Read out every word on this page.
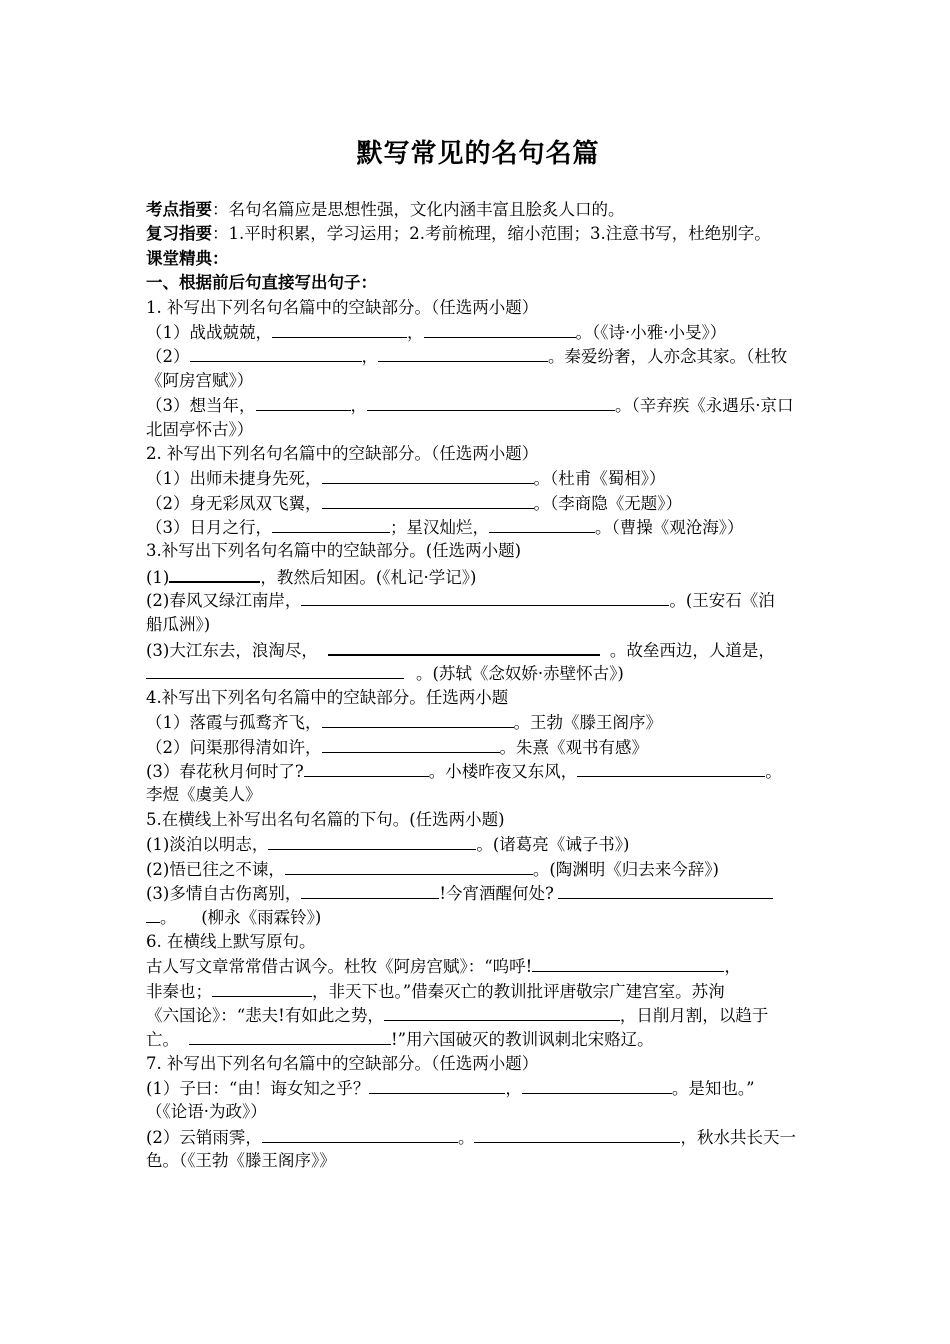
默写常见的名句名篇
考点指要：名句名篇应是思想性强，文化内涵丰富且脍炙人口的。
复习指要：1.平时积累，学习运用；2.考前梳理，缩小范围；3.注意书写，杜绝别字。
课堂精典：
一、根据前后句直接写出句子：
1. 补写出下列名句名篇中的空缺部分。（任选两小题）
（1）战战兢兢，	，	。（《诗·小雅·小旻》）
（2）	，	。秦爱纷奢，人亦念其家。（杜牧
《阿房宫赋》）
（3）想当年，	，	。（辛弃疾《永遇乐·京口
北固亭怀古》）
2. 补写出下列名句名篇中的空缺部分。（任选两小题）
（1）出师未捷身先死，	。（杜甫《蜀相》）
（2）身无彩凤双飞翼，	。（李商隐《无题》）
（3）日月之行，	；星汉灿烂，	。（曹操《观沧海》）
3.补写出下列名句名篇中的空缺部分。(任选两小题)
(1)	，教然后知困。(《札记·学记》)
(2)春风又绿江南岸，	。(王安石《泊
船瓜洲》)
(3)大江东去，浪淘尽，	。故垒西边，人道是，
。(苏轼《念奴娇·赤壁怀古》)
4.补写出下列名句名篇中的空缺部分。任选两小题
（1）落霞与孤鹜齐飞，	。王勃《滕王阁序》
（2）问渠那得清如许，	。朱熹《观书有感》
(3）春花秋月何时了?	。小楼昨夜又东风，	。
李煜《虞美人》
5.在横线上补写出名句名篇的下句。(任选两小题)
(1)淡泊以明志，	。(诸葛亮《诫子书》)
(2)悟已往之不谏，	。(陶渊明《归去来今辞》)
(3)多情自古伤离别，	!今宵酒醒何处?
。　　(柳永《雨霖铃》)
6. 在横线上默写原句。
古人写文章常常借古讽今。杜牧《阿房宫赋》：“呜呼!	，
非秦也；	，非天下也。”借秦灭亡的教训批评唐敬宗广建宫室。苏洵
《六国论》：“悲夫!有如此之势，	，日削月割，以趋于
亡。	!”用六国破灭的教训讽刺北宋赂辽。
7. 补写出下列名句名篇中的空缺部分。（任选两小题）
(1）子曰：“由！诲女知之乎？	，	。是知也。”
（《论语·为政》）
(2）云销雨霁，	。	，秋水共长天一
色。（《王勃《滕王阁序》》
